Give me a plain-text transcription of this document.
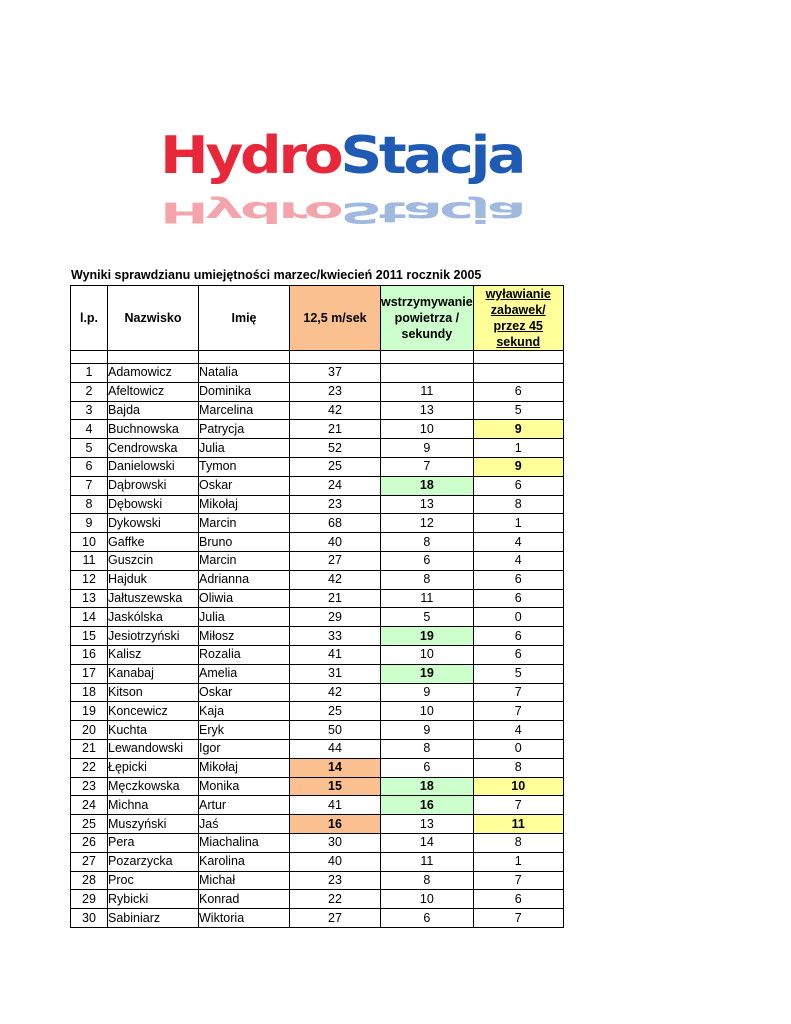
HydroStacja
HydroStacja
Wyniki sprawdzianu umiejętności marzec/kwiecień 2011 rocznik 2005
l.p.	Nazwisko	Imię	12,5 m/sek	wstrzymywanie powietrza / sekundy	wyławianie zabawek/ przez 45 sekund

1	Adamowicz	Natalia	37		
2	Afeltowicz	Dominika	23	11	6
3	Bajda	Marcelina	42	13	5
4	Buchnowska	Patrycja	21	10	9
5	Cendrowska	Julia	52	9	1
6	Danielowski	Tymon	25	7	9
7	Dąbrowski	Oskar	24	18	6
8	Dębowski	Mikołaj	23	13	8
9	Dykowski	Marcin	68	12	1
10	Gaffke	Bruno	40	8	4
11	Guszcin	Marcin	27	6	4
12	Hajduk	Adrianna	42	8	6
13	Jałtuszewska	Oliwia	21	11	6
14	Jaskólska	Julia	29	5	0
15	Jesiotrzyński	Miłosz	33	19	6
16	Kalisz	Rozalia	41	10	6
17	Kanabaj	Amelia	31	19	5
18	Kitson	Oskar	42	9	7
19	Koncewicz	Kaja	25	10	7
20	Kuchta	Eryk	50	9	4
21	Lewandowski	Igor	44	8	0
22	Łępicki	Mikołaj	14	6	8
23	Męczkowska	Monika	15	18	10
24	Michna	Artur	41	16	7
25	Muszyński	Jaś	16	13	11
26	Pera	Miachalina	30	14	8
27	Pozarzycka	Karolina	40	11	1
28	Proc	Michał	23	8	7
29	Rybicki	Konrad	22	10	6
30	Sabiniarz	Wiktoria	27	6	7
